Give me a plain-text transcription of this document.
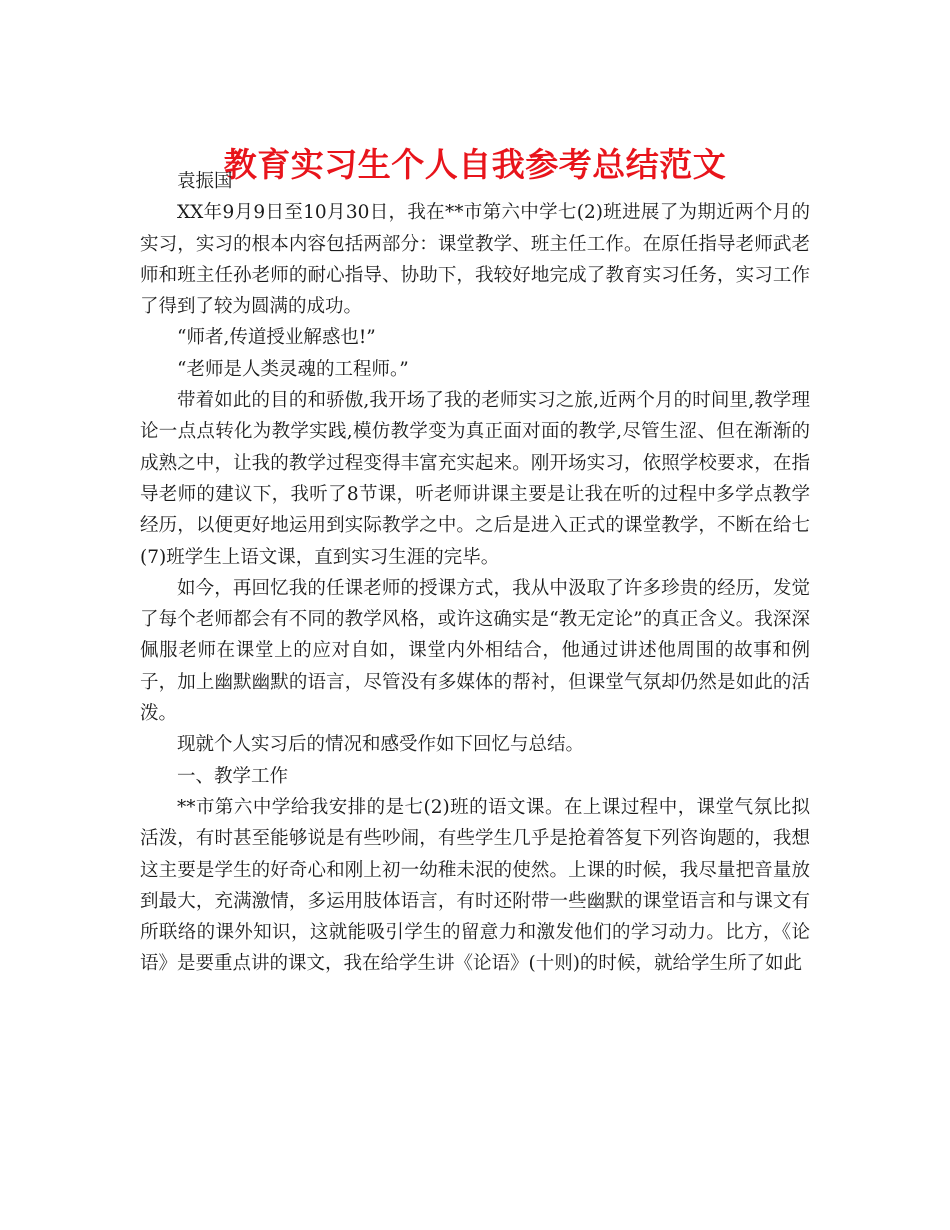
教育实习生个人自我参考总结范文

袁振国

XX年9月9日至10月30日，我在**市第六中学七(2)班进展了为期近两个月的实习，实习的根本内容包括两部分：课堂教学、班主任工作。在原任指导老师武老师和班主任孙老师的耐心指导、协助下，我较好地完成了教育实习任务，实习工作了得到了较为圆满的成功。

“师者,传道授业解惑也!”

“老师是人类灵魂的工程师。”

带着如此的目的和骄傲,我开场了我的老师实习之旅,近两个月的时间里,教学理论一点点转化为教学实践,模仿教学变为真正面对面的教学,尽管生涩、但在渐渐的成熟之中，让我的教学过程变得丰富充实起来。刚开场实习，依照学校要求，在指导老师的建议下，我听了8节课，听老师讲课主要是让我在听的过程中多学点教学经历，以便更好地运用到实际教学之中。之后是进入正式的课堂教学，不断在给七(7)班学生上语文课，直到实习生涯的完毕。

如今，再回忆我的任课老师的授课方式，我从中汲取了许多珍贵的经历，发觉了每个老师都会有不同的教学风格，或许这确实是“教无定论”的真正含义。我深深佩服老师在课堂上的应对自如，课堂内外相结合，他通过讲述他周围的故事和例子，加上幽默幽默的语言，尽管没有多媒体的帮衬，但课堂气氛却仍然是如此的活泼。

现就个人实习后的情况和感受作如下回忆与总结。

一、教学工作

**市第六中学给我安排的是七(2)班的语文课。在上课过程中，课堂气氛比拟活泼，有时甚至能够说是有些吵闹，有些学生几乎是抢着答复下列咨询题的，我想这主要是学生的好奇心和刚上初一幼稚未泯的使然。上课的时候，我尽量把音量放到最大，充满激情，多运用肢体语言，有时还附带一些幽默的课堂语言和与课文有所联络的课外知识，这就能吸引学生的留意力和激发他们的学习动力。比方，《论语》是要重点讲的课文，我在给学生讲《论语》(十则)的时候，就给学生所了如此
